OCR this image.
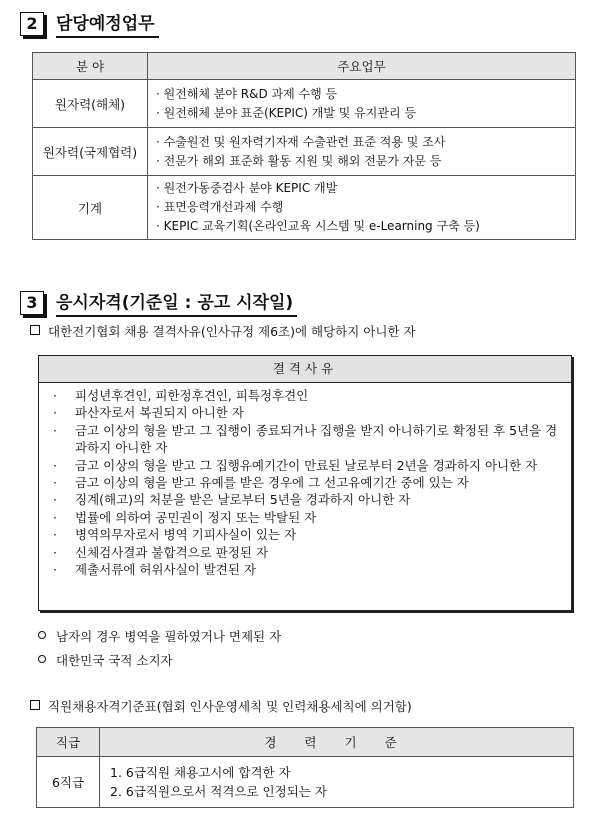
2	담당예정업무
분 야	주요업무
원자력(해체)	· 원전해체 분야 R&D 과제 수행 등
· 원전해체 분야 표준(KEPIC) 개발 및 유지관리 등

원자력(국제협력)	· 수출원전 및 원자력기자재 수출관련 표준 적용 및 조사
· 전문가 해외 표준화 활동 지원 및 해외 전문가 자문 등

기계	· 원전가동중검사 분야 KEPIC 개발
· 표면응력개선과제 수행
· KEPIC 교육기획(온라인교육 시스템 및 e-Learning 구축 등)
3	응시자격(기준일 : 공고 시작일)
대한전기협회 채용 결격사유(인사규정 제6조)에 해당하지 아니한 자
결격사유
·	피성년후견인, 피한정후견인, 피특정후견인
·	파산자로서 복권되지 아니한 자
·	금고 이상의 형을 받고 그 집행이 종료되거나 집행을 받지 아니하기로 확정된 후 5년을 경과하지 아니한 자
·	금고 이상의 형을 받고 그 집행유예기간이 만료된 날로부터 2년을 경과하지 아니한 자
·	금고 이상의 형을 받고 유예를 받은 경우에 그 선고유예기간 중에 있는 자
·	징계(해고)의 처분을 받은 날로부터 5년을 경과하지 아니한 자
·	법률에 의하여 공민권이 정지 또는 박탈된 자
·	병역의무자로서 병역 기피사실이 있는 자
·	신체검사결과 불합격으로 판정된 자
·	제출서류에 허위사실이 발견된 자
남자의 경우 병역을 필하였거나 면제된 자
대한민국 국적 소지자
직원채용자격기준표(협회 인사운영세칙 및 인력채용세칙에 의거함)
직급	경 력 기 준
6직급	1. 6급직원 채용고시에 합격한 자
2. 6급직원으로서 적격으로 인정되는 자
